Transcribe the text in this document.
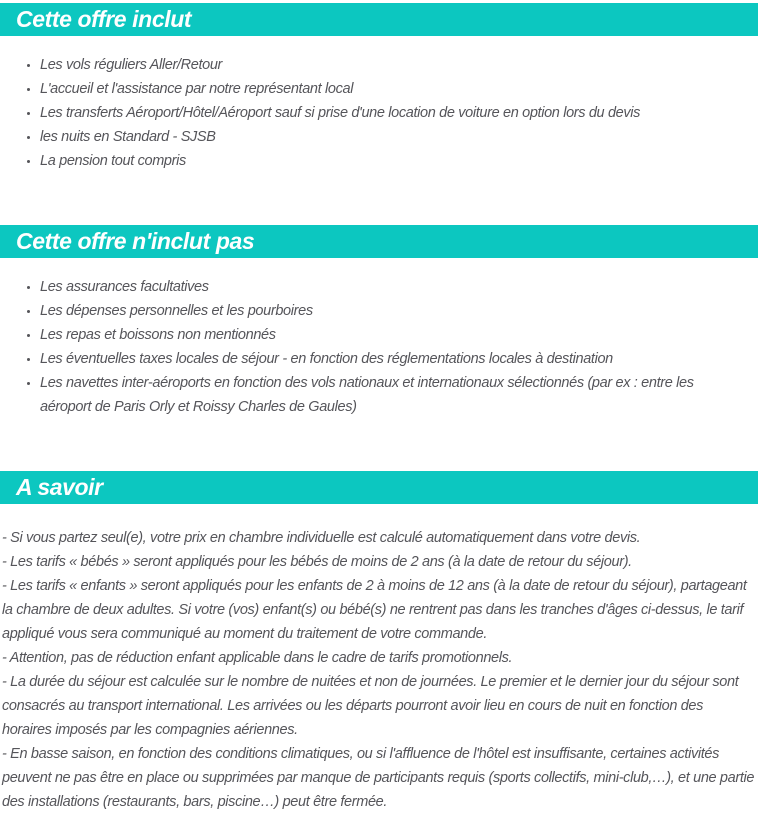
Cette offre inclut
• Les vols réguliers Aller/Retour
• L'accueil et l'assistance par notre représentant local
• Les transferts Aéroport/Hôtel/Aéroport sauf si prise d'une location de voiture en option lors du devis
• les nuits en Standard - SJSB
• La pension tout compris
Cette offre n'inclut pas
• Les assurances facultatives
• Les dépenses personnelles et les pourboires
• Les repas et boissons non mentionnés
• Les éventuelles taxes locales de séjour - en fonction des réglementations locales à destination
• Les navettes inter-aéroports en fonction des vols nationaux et internationaux sélectionnés (par ex : entre les aéroport de Paris Orly et Roissy Charles de Gaules)
A savoir

- Si vous partez seul(e), votre prix en chambre individuelle est calculé automatiquement dans votre devis.

- Les tarifs « bébés » seront appliqués pour les bébés de moins de 2 ans (à la date de retour du séjour).

- Les tarifs « enfants » seront appliqués pour les enfants de 2 à moins de 12 ans (à la date de retour du séjour), partageant la chambre de deux adultes. Si votre (vos) enfant(s) ou bébé(s) ne rentrent pas dans les tranches d'âges ci-dessus, le tarif appliqué vous sera communiqué au moment du traitement de votre commande.

- Attention, pas de réduction enfant applicable dans le cadre de tarifs promotionnels.

- La durée du séjour est calculée sur le nombre de nuitées et non de journées. Le premier et le dernier jour du séjour sont consacrés au transport international. Les arrivées ou les départs pourront avoir lieu en cours de nuit en fonction des horaires imposés par les compagnies aériennes.

- En basse saison, en fonction des conditions climatiques, ou si l'affluence de l'hôtel est insuffisante, certaines activités peuvent ne pas être en place ou supprimées par manque de participants requis (sports collectifs, mini-club,…), et une partie des installations (restaurants, bars, piscine…) peut être fermée.
